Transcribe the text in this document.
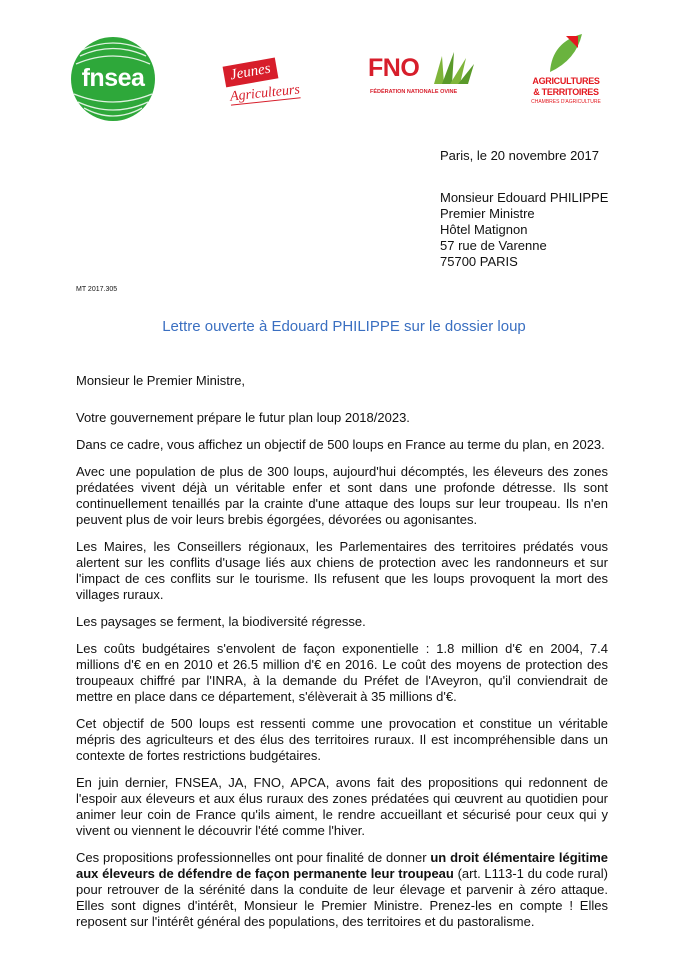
fnsea	Jeunes
Agriculteurs
FNO
FÉDÉRATION NATIONALE OVINE
AGRICULTURES
& TERRITOIRES
CHAMBRES D'AGRICULTURE
Paris, le 20 novembre 2017
Monsieur Edouard PHILIPPE
Premier Ministre
Hôtel Matignon
57 rue de Varenne
75700 PARIS
MT 2017.305
Lettre ouverte à Edouard PHILIPPE sur le dossier loup

Monsieur le Premier Ministre,

Votre gouvernement prépare le futur plan loup 2018/2023.

Dans ce cadre, vous affichez un objectif de 500 loups en France au terme du plan, en 2023.

Avec une population de plus de 300 loups, aujourd'hui décomptés, les éleveurs des zones prédatées vivent déjà un véritable enfer et sont dans une profonde détresse. Ils sont continuellement tenaillés par la crainte d'une attaque des loups sur leur troupeau. Ils n'en peuvent plus de voir leurs brebis égorgées, dévorées ou agonisantes.

Les Maires, les Conseillers régionaux, les Parlementaires des territoires prédatés vous alertent sur les conflits d'usage liés aux chiens de protection avec les randonneurs et sur l'impact de ces conflits sur le tourisme. Ils refusent que les loups provoquent la mort des villages ruraux.

Les paysages se ferment, la biodiversité régresse.

Les coûts budgétaires s'envolent de façon exponentielle : 1.8 million d'€ en 2004, 7.4 millions d'€ en en 2010 et 26.5 million d'€ en 2016. Le coût des moyens de protection des troupeaux chiffré par l'INRA, à la demande du Préfet de l'Aveyron, qu'il conviendrait de mettre en place dans ce département, s'élèverait à 35 millions d'€.

Cet objectif de 500 loups est ressenti comme une provocation et constitue un véritable mépris des agriculteurs et des élus des territoires ruraux. Il est incompréhensible dans un contexte de fortes restrictions budgétaires.

En juin dernier, FNSEA, JA, FNO, APCA, avons fait des propositions qui redonnent de l'espoir aux éleveurs et aux élus ruraux des zones prédatées qui œuvrent au quotidien pour animer leur coin de France qu'ils aiment, le rendre accueillant et sécurisé pour ceux qui y vivent ou viennent le découvrir l'été comme l'hiver.

Ces propositions professionnelles ont pour finalité de donner un droit élémentaire légitime aux éleveurs de défendre de façon permanente leur troupeau (art. L113-1 du code rural) pour retrouver de la sérénité dans la conduite de leur élevage et parvenir à zéro attaque. Elles sont dignes d'intérêt, Monsieur le Premier Ministre. Prenez-les en compte ! Elles reposent sur l'intérêt général des populations, des territoires et du pastoralisme.
